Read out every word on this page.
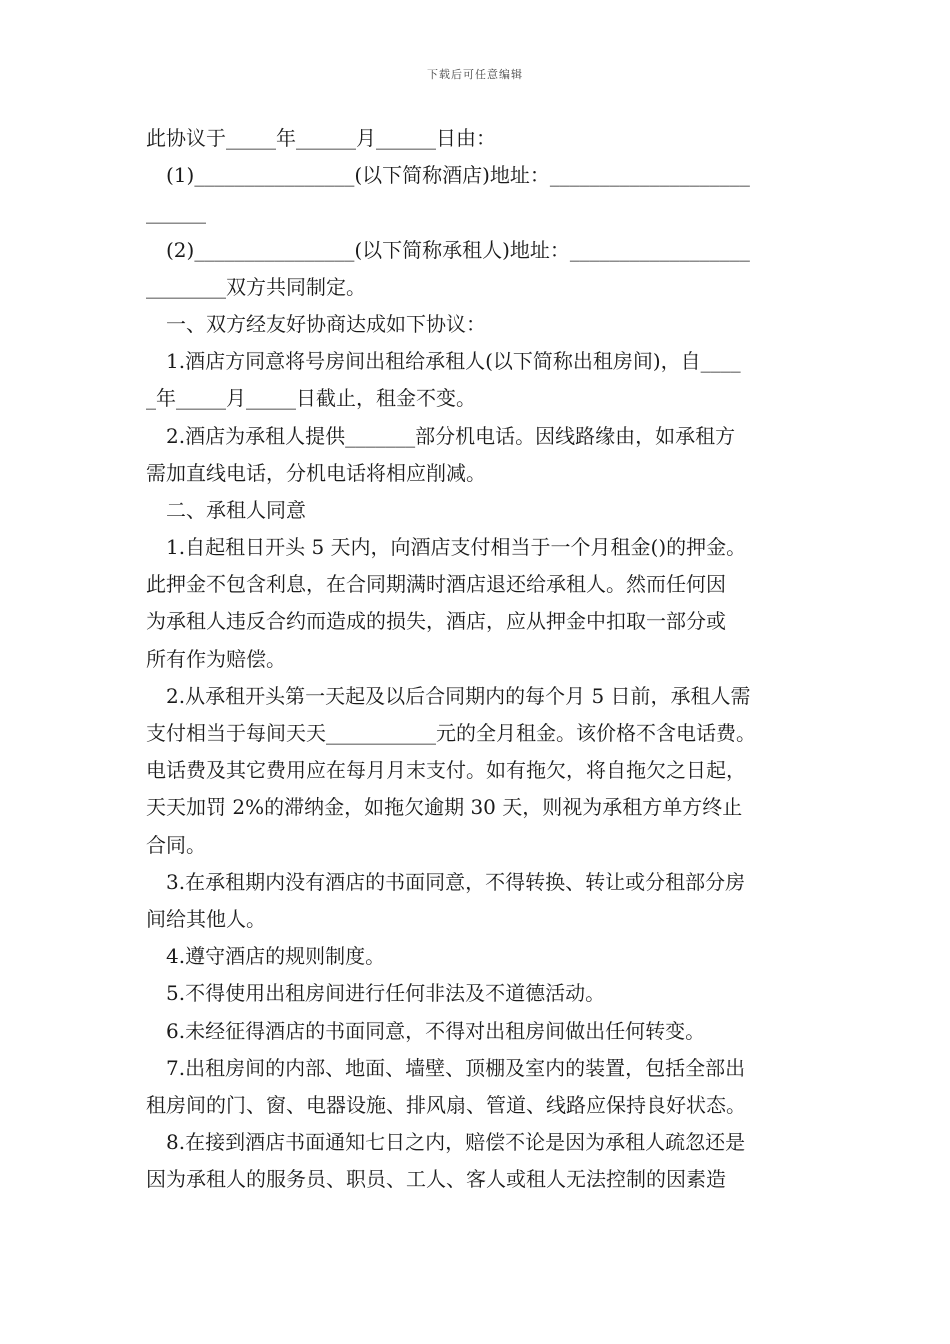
下载后可任意编辑
此协议于_____年______月______日由：
(1)________________(以下简称酒店)地址：____________________
______
(2)________________(以下简称承租人)地址：__________________
________双方共同制定。
一、双方经友好协商达成如下协议：
1.酒店方同意将号房间出租给承租人(以下简称出租房间)，自____
_年_____月_____日截止，租金不变。
2.酒店为承租人提供_______部分机电话。因线路缘由，如承租方
需加直线电话，分机电话将相应削减。
二、承租人同意
1.自起租日开头 5 天内，向酒店支付相当于一个月租金()的押金。
此押金不包含利息，在合同期满时酒店退还给承租人。然而任何因
为承租人违反合约而造成的损失，酒店，应从押金中扣取一部分或
所有作为赔偿。
2.从承租开头第一天起及以后合同期内的每个月 5 日前，承租人需
支付相当于每间天天___________元的全月租金。该价格不含电话费。
电话费及其它费用应在每月月末支付。如有拖欠，将自拖欠之日起，
天天加罚 2%的滞纳金，如拖欠逾期 30 天，则视为承租方单方终止
合同。
3.在承租期内没有酒店的书面同意，不得转换、转让或分租部分房
间给其他人。
4.遵守酒店的规则制度。
5.不得使用出租房间进行任何非法及不道德活动。
6.未经征得酒店的书面同意，不得对出租房间做出任何转变。
7.出租房间的内部、地面、墙壁、顶棚及室内的装置，包括全部出
租房间的门、窗、电器设施、排风扇、管道、线路应保持良好状态。
8.在接到酒店书面通知七日之内，赔偿不论是因为承租人疏忽还是
因为承租人的服务员、职员、工人、客人或租人无法控制的因素造
